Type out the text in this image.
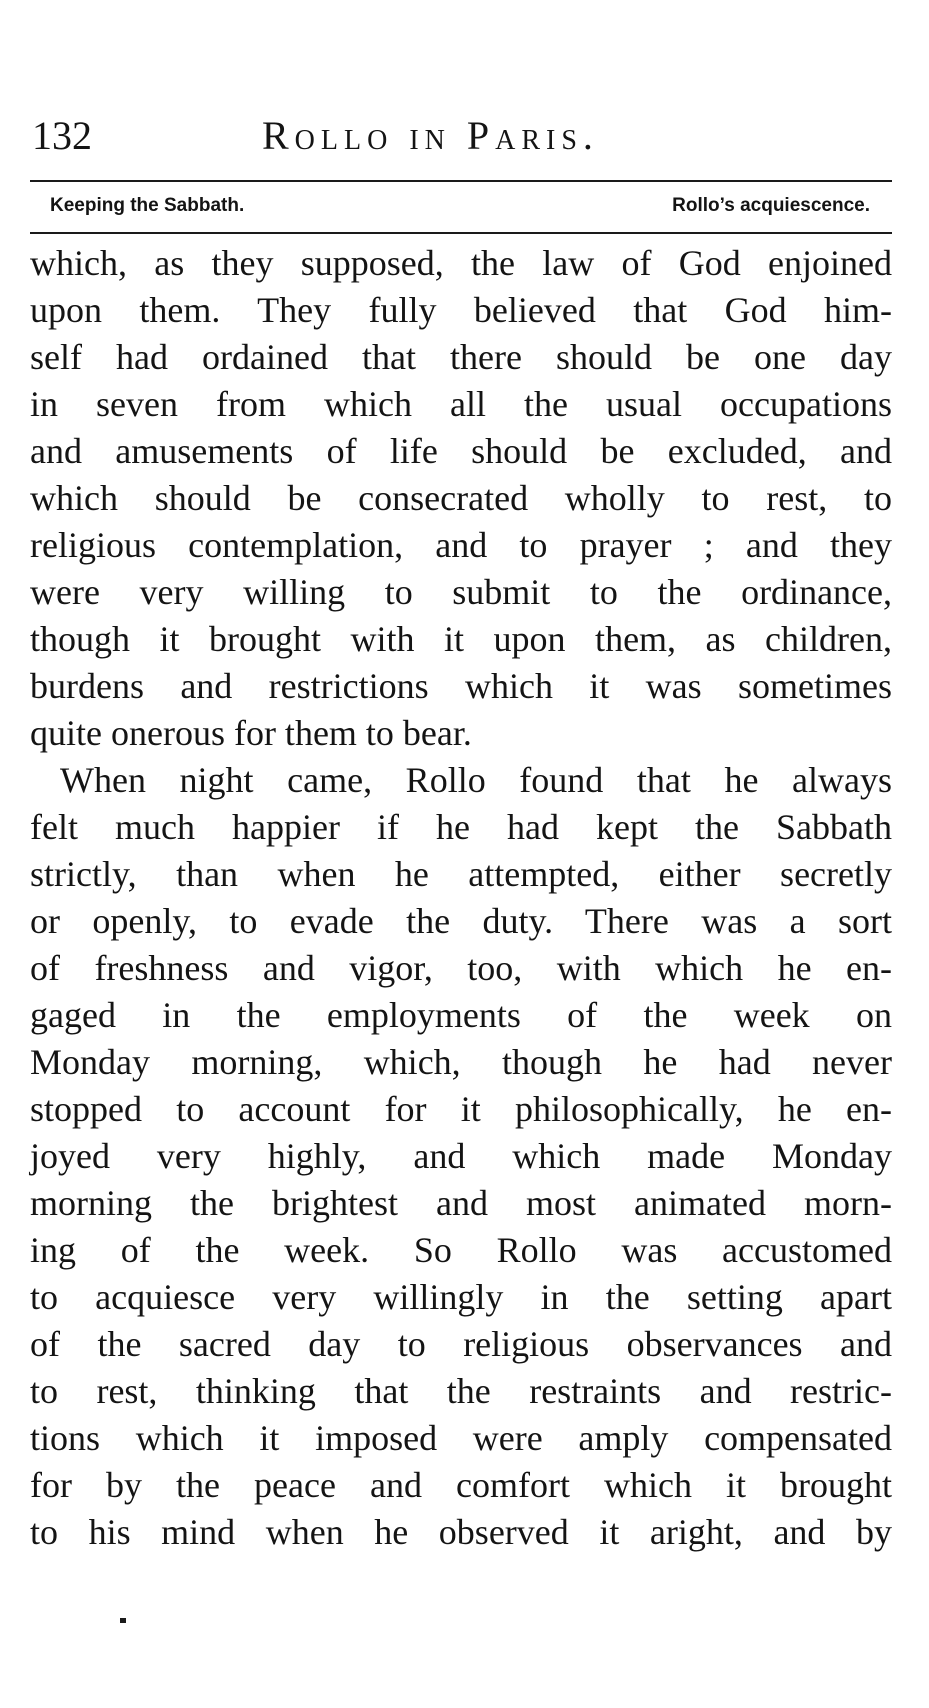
132	Rollo in Paris.
Keeping the Sabbath.	Rollo’s acquiescence.
which, as they supposed, the law of God enjoined
upon them. They fully believed that God him-
self had ordained that there should be one day
in seven from which all the usual occupations
and amusements of life should be excluded, and
which should be consecrated wholly to rest, to
religious contemplation, and to prayer ; and they
were very willing to submit to the ordinance,
though it brought with it upon them, as children,
burdens and restrictions which it was sometimes
quite onerous for them to bear.
When night came, Rollo found that he always
felt much happier if he had kept the Sabbath
strictly, than when he attempted, either secretly
or openly, to evade the duty. There was a sort
of freshness and vigor, too, with which he en-
gaged in the employments of the week on
Monday morning, which, though he had never
stopped to account for it philosophically, he en-
joyed very highly, and which made Monday
morning the brightest and most animated morn-
ing of the week. So Rollo was accustomed
to acquiesce very willingly in the setting apart
of the sacred day to religious observances and
to rest, thinking that the restraints and restric-
tions which it imposed were amply compensated
for by the peace and comfort which it brought
to his mind when he observed it aright, and by
